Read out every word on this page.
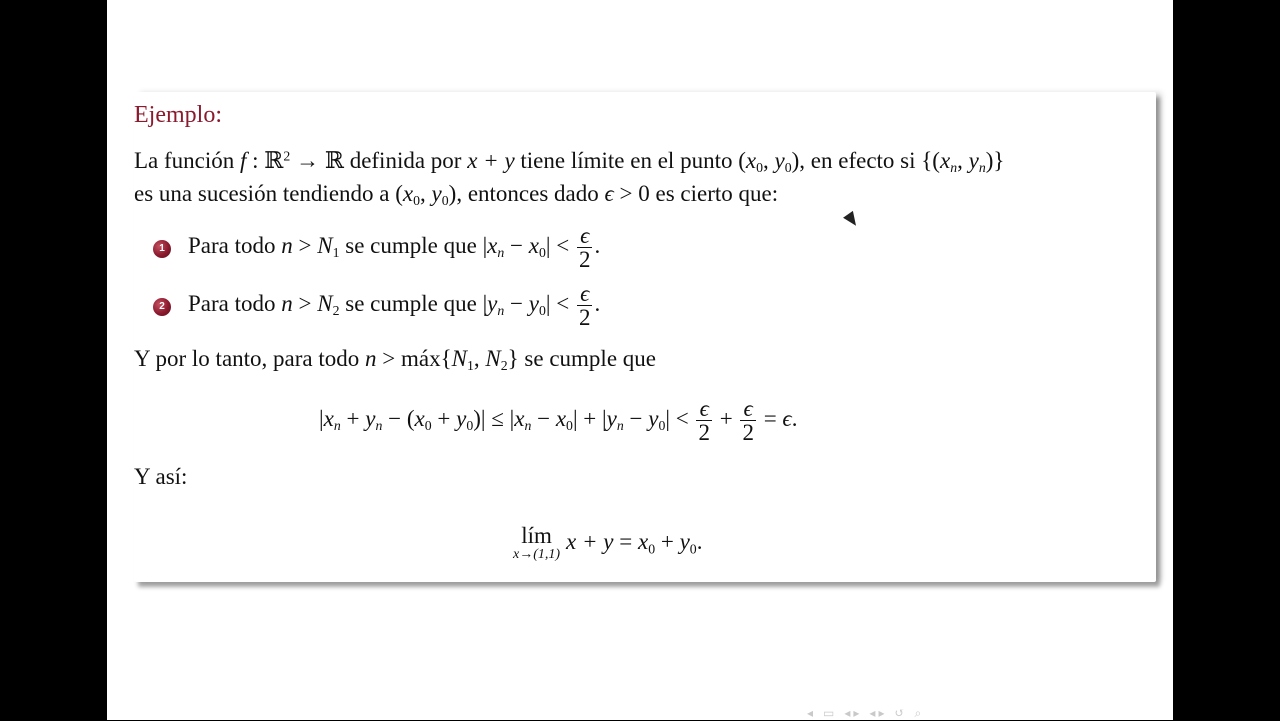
Ejemplo:
La función f : ℝ$^2$ → ℝ definida por x + y tiene límite en el punto ($x_0$, $y_0$), en efecto si {($x_n$, $y_n$)}
es una sucesión tendiendo a ($x_0$, $y_0$), entonces dado ϵ > 0 es cierto que:
1 Para todo $n > N_1$ se cumple que $|x_n - x_0| < \frac{\epsilon}{2}$ .
2 Para todo $n > N_2$ se cumple que $|y_n - y_0| < \frac{\epsilon}{2}$ .
Y por lo tanto, para todo $n > máx\{N_1$, $N_2$} se cumple que
$|x_n + y_n - (x_0 + y_0)| \le |x_n - x_0| + |y_n - y_0| < \frac{\epsilon}{2} + \frac{\epsilon}{2} = \epsilon$.
Y así:
lím
x→(1,1)
$x + y = x_0 + y_0$.
◂ ▭ ◂ ▸ ◂ ▸ ↺ ⌕
